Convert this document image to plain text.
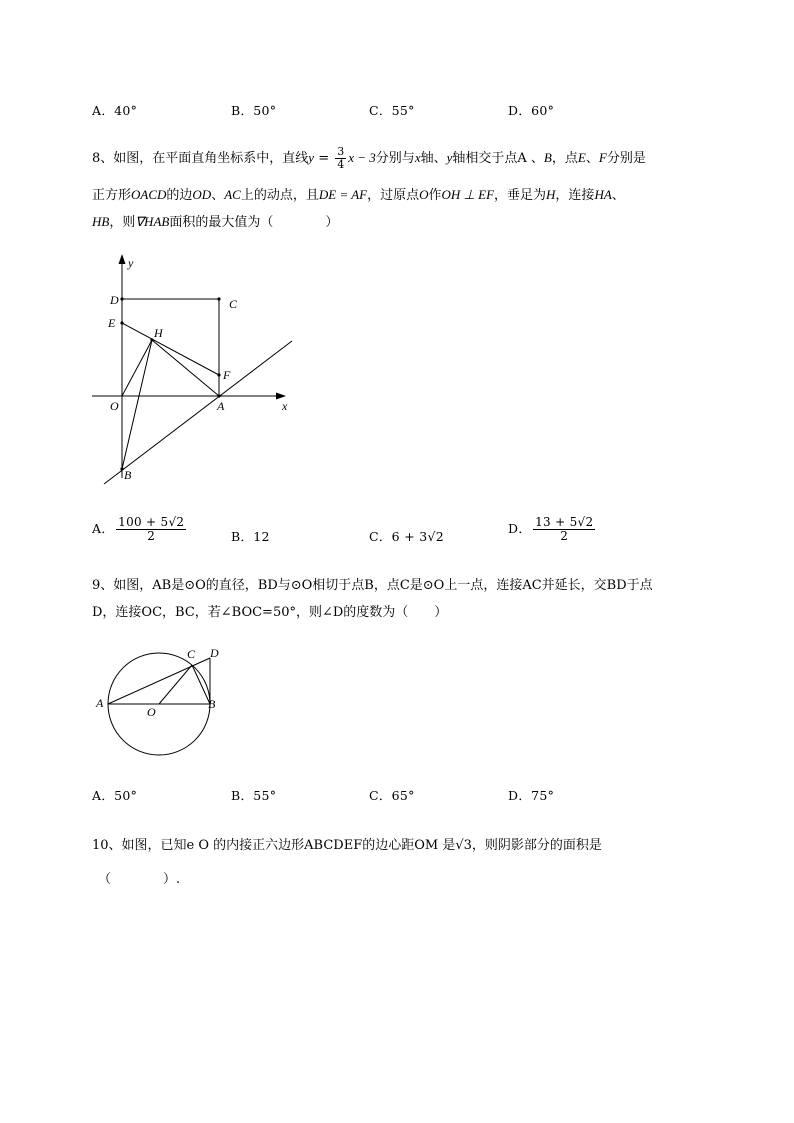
A．40°	B．50°	C．55°	D．60°
8、如图，在平面直角坐标系中，直线$y = \frac{3}{4}$ x − 3分别与x轴、y轴相交于点A 、B，点E、F分别是
正方形OACD的边OD、AC上的动点，且DE = AF，过原点O作OH ⊥ EF，垂足为H，连接HA、
HB，则∇HAB面积的最大值为（　　　　）
y
x
D	C
E
H
F
O	A
B
A． $\frac{100 + 5√2}{2}$	B．12	C．6 + 3√2
D． $\frac{13 + 5√2}{2}$
9、如图，AB是⊙O的直径，BD与⊙O相切于点B，点C是⊙O上一点，连接AC并延长，交BD于点
D，连接OC，BC，若∠BOC=50°，则∠D的度数为（　　）
A
O
B
C D
A．50°	B．55°	C．65°	D．75°
10、如图，已知e O 的内接正六边形ABCDEF的边心距OM 是√3，则阴影部分的面积是
（　　　　）.
